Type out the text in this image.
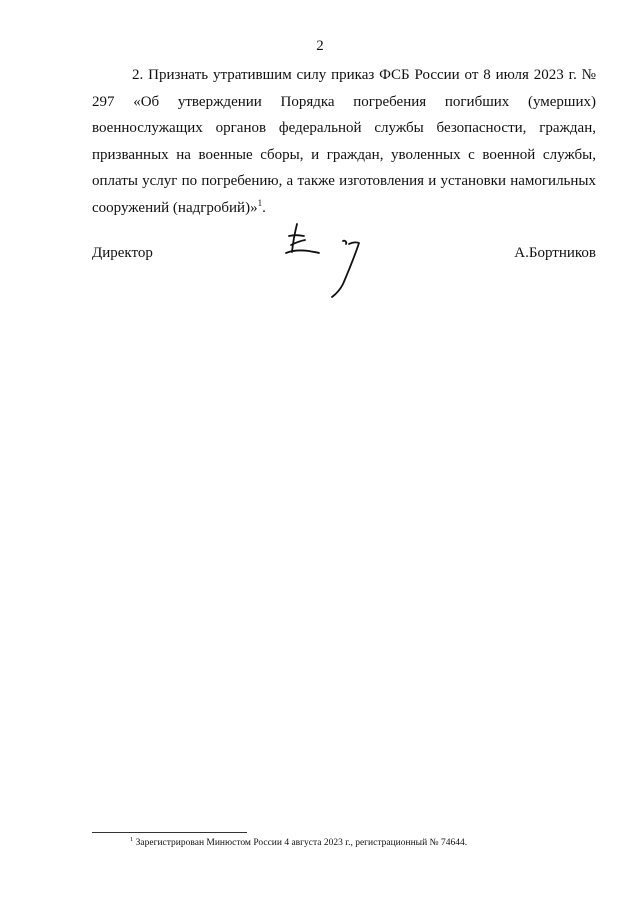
2
2. Признать утратившим силу приказ ФСБ России от 8 июля 2023 г. № 297 «Об утверждении Порядка погребения погибших (умерших) военнослужащих органов федеральной службы безопасности, граждан, призванных на военные сборы, и граждан, уволенных с военной службы, оплаты услуг по погребению, а также изготовления и установки намогильных сооружений (надгробий)»$^1$.
Директор	А.Бортников
$^1$ Зарегистрирован Минюстом России 4 августа 2023 г., регистрационный № 74644.
